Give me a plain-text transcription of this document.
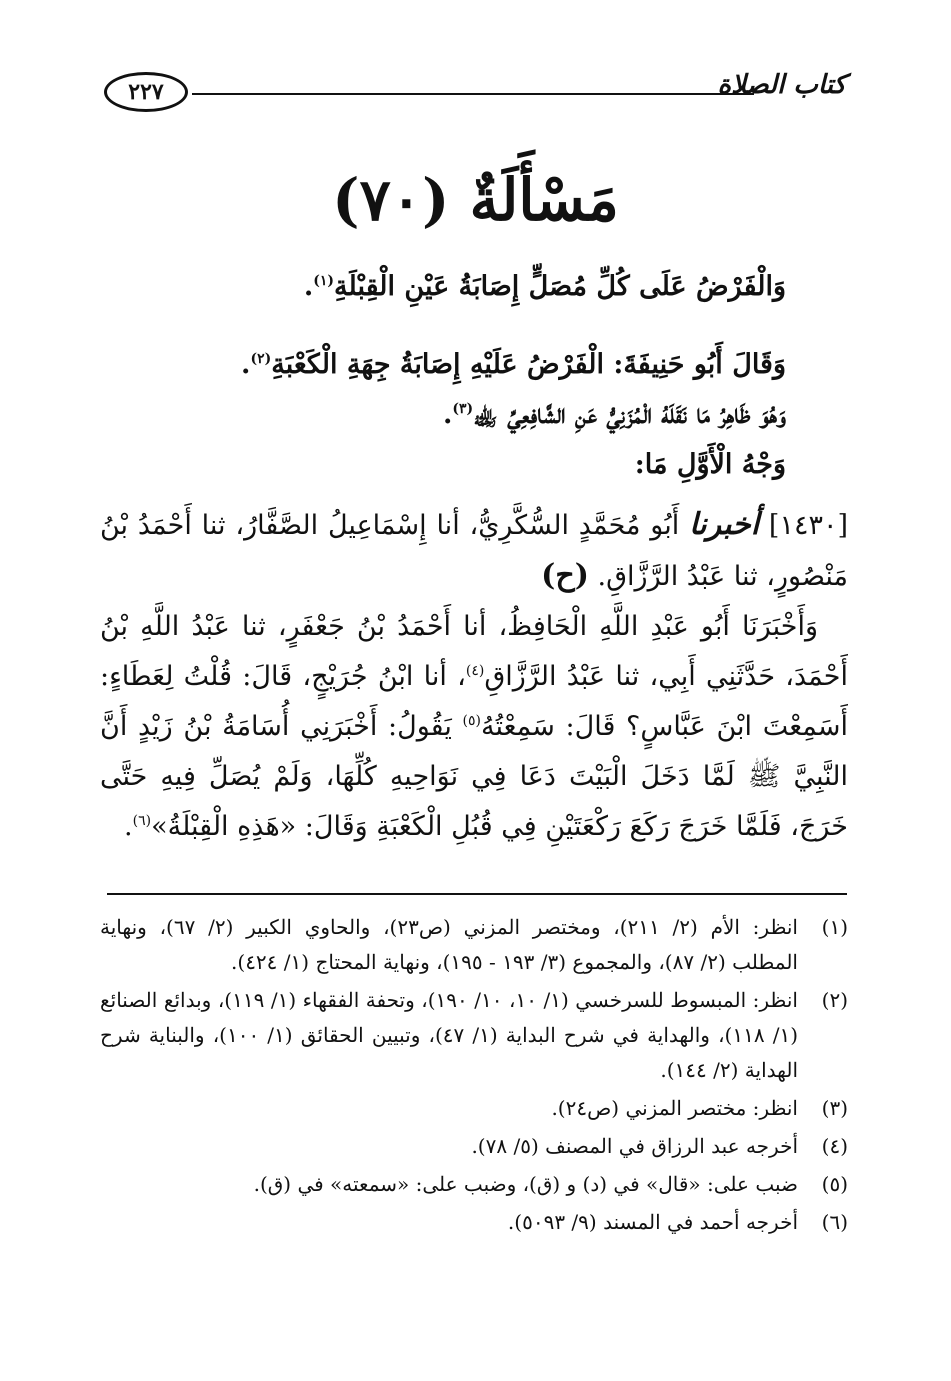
كتاب الصلاة
٢٢٧
مَسْأَلَةٌ (٧٠)

وَالْفَرْضُ عَلَى كُلِّ مُصَلٍّ إِصَابَةُ عَيْنِ الْقِبْلَةِ$^{(١)}$.

وَقَالَ أَبُو حَنِيفَةَ: الْفَرْضُ عَلَيْهِ إِصَابَةُ جِهَةِ الْكَعْبَةِ$^{(٢)}$.

وَهُوَ ظَاهِرُ مَا نَقَلَهُ الْمُزَنِيُّ عَنِ الشَّافِعِيِّ ﵀$^{(٣)}$.

وَجْهُ الْأَوَّلِ مَا:

[١٤٣٠] أخبرنا أَبُو مُحَمَّدٍ السُّكَّرِيُّ، أنا إِسْمَاعِيلُ الصَّفَّارُ، ثنا أَحْمَدُ بْنُ مَنْصُورٍ، ثنا عَبْدُ الرَّزَّاقِ. (ح)

وَأَخْبَرَنَا أَبُو عَبْدِ اللَّهِ الْحَافِظُ، أنا أَحْمَدُ بْنُ جَعْفَرٍ، ثنا عَبْدُ اللَّهِ بْنُ أَحْمَدَ، حَدَّثَنِي أَبِي، ثنا عَبْدُ الرَّزَّاقِ$^{(٤)}$، أنا ابْنُ جُرَيْجٍ، قَالَ: قُلْتُ لِعَطَاءٍ: أَسَمِعْتَ ابْنَ عَبَّاسٍ؟ قَالَ: سَمِعْتُهُ$^{(٥)}$ يَقُولُ: أَخْبَرَنِي أُسَامَةُ بْنُ زَيْدٍ أَنَّ النَّبِيَّ ﷺ لَمَّا دَخَلَ الْبَيْتَ دَعَا فِي نَوَاحِيهِ كُلِّهَا، وَلَمْ يُصَلِّ فِيهِ حَتَّى خَرَجَ، فَلَمَّا خَرَجَ رَكَعَ رَكْعَتَيْنِ فِي قُبُلِ الْكَعْبَةِ وَقَالَ: «هَذِهِ الْقِبْلَةُ»$^{(٦)}$.

(١)
انظر: الأم (٢/ ٢١١)، ومختصر المزني (ص٢٣)، والحاوي الكبير (٢/ ٦٧)، ونهاية المطلب (٢/ ٨٧)، والمجموع (٣/ ١٩٣ - ١٩٥)، ونهاية المحتاج (١/ ٤٢٤).
(٢)
انظر: المبسوط للسرخسي (١/ ١٠، ١٠/ ١٩٠)، وتحفة الفقهاء (١/ ١١٩)، وبدائع الصنائع (١/ ١١٨)، والهداية في شرح البداية (١/ ٤٧)، وتبيين الحقائق (١/ ١٠٠)، والبناية شرح الهداية (٢/ ١٤٤).
(٣)
انظر: مختصر المزني (ص٢٤).
(٤)
أخرجه عبد الرزاق في المصنف (٥/ ٧٨).
(٥)
ضبب على: «قال» في (د) و (ق)، وضبب على: «سمعته» في (ق).
(٦)
أخرجه أحمد في المسند (٩/ ٥٠٩٣).
